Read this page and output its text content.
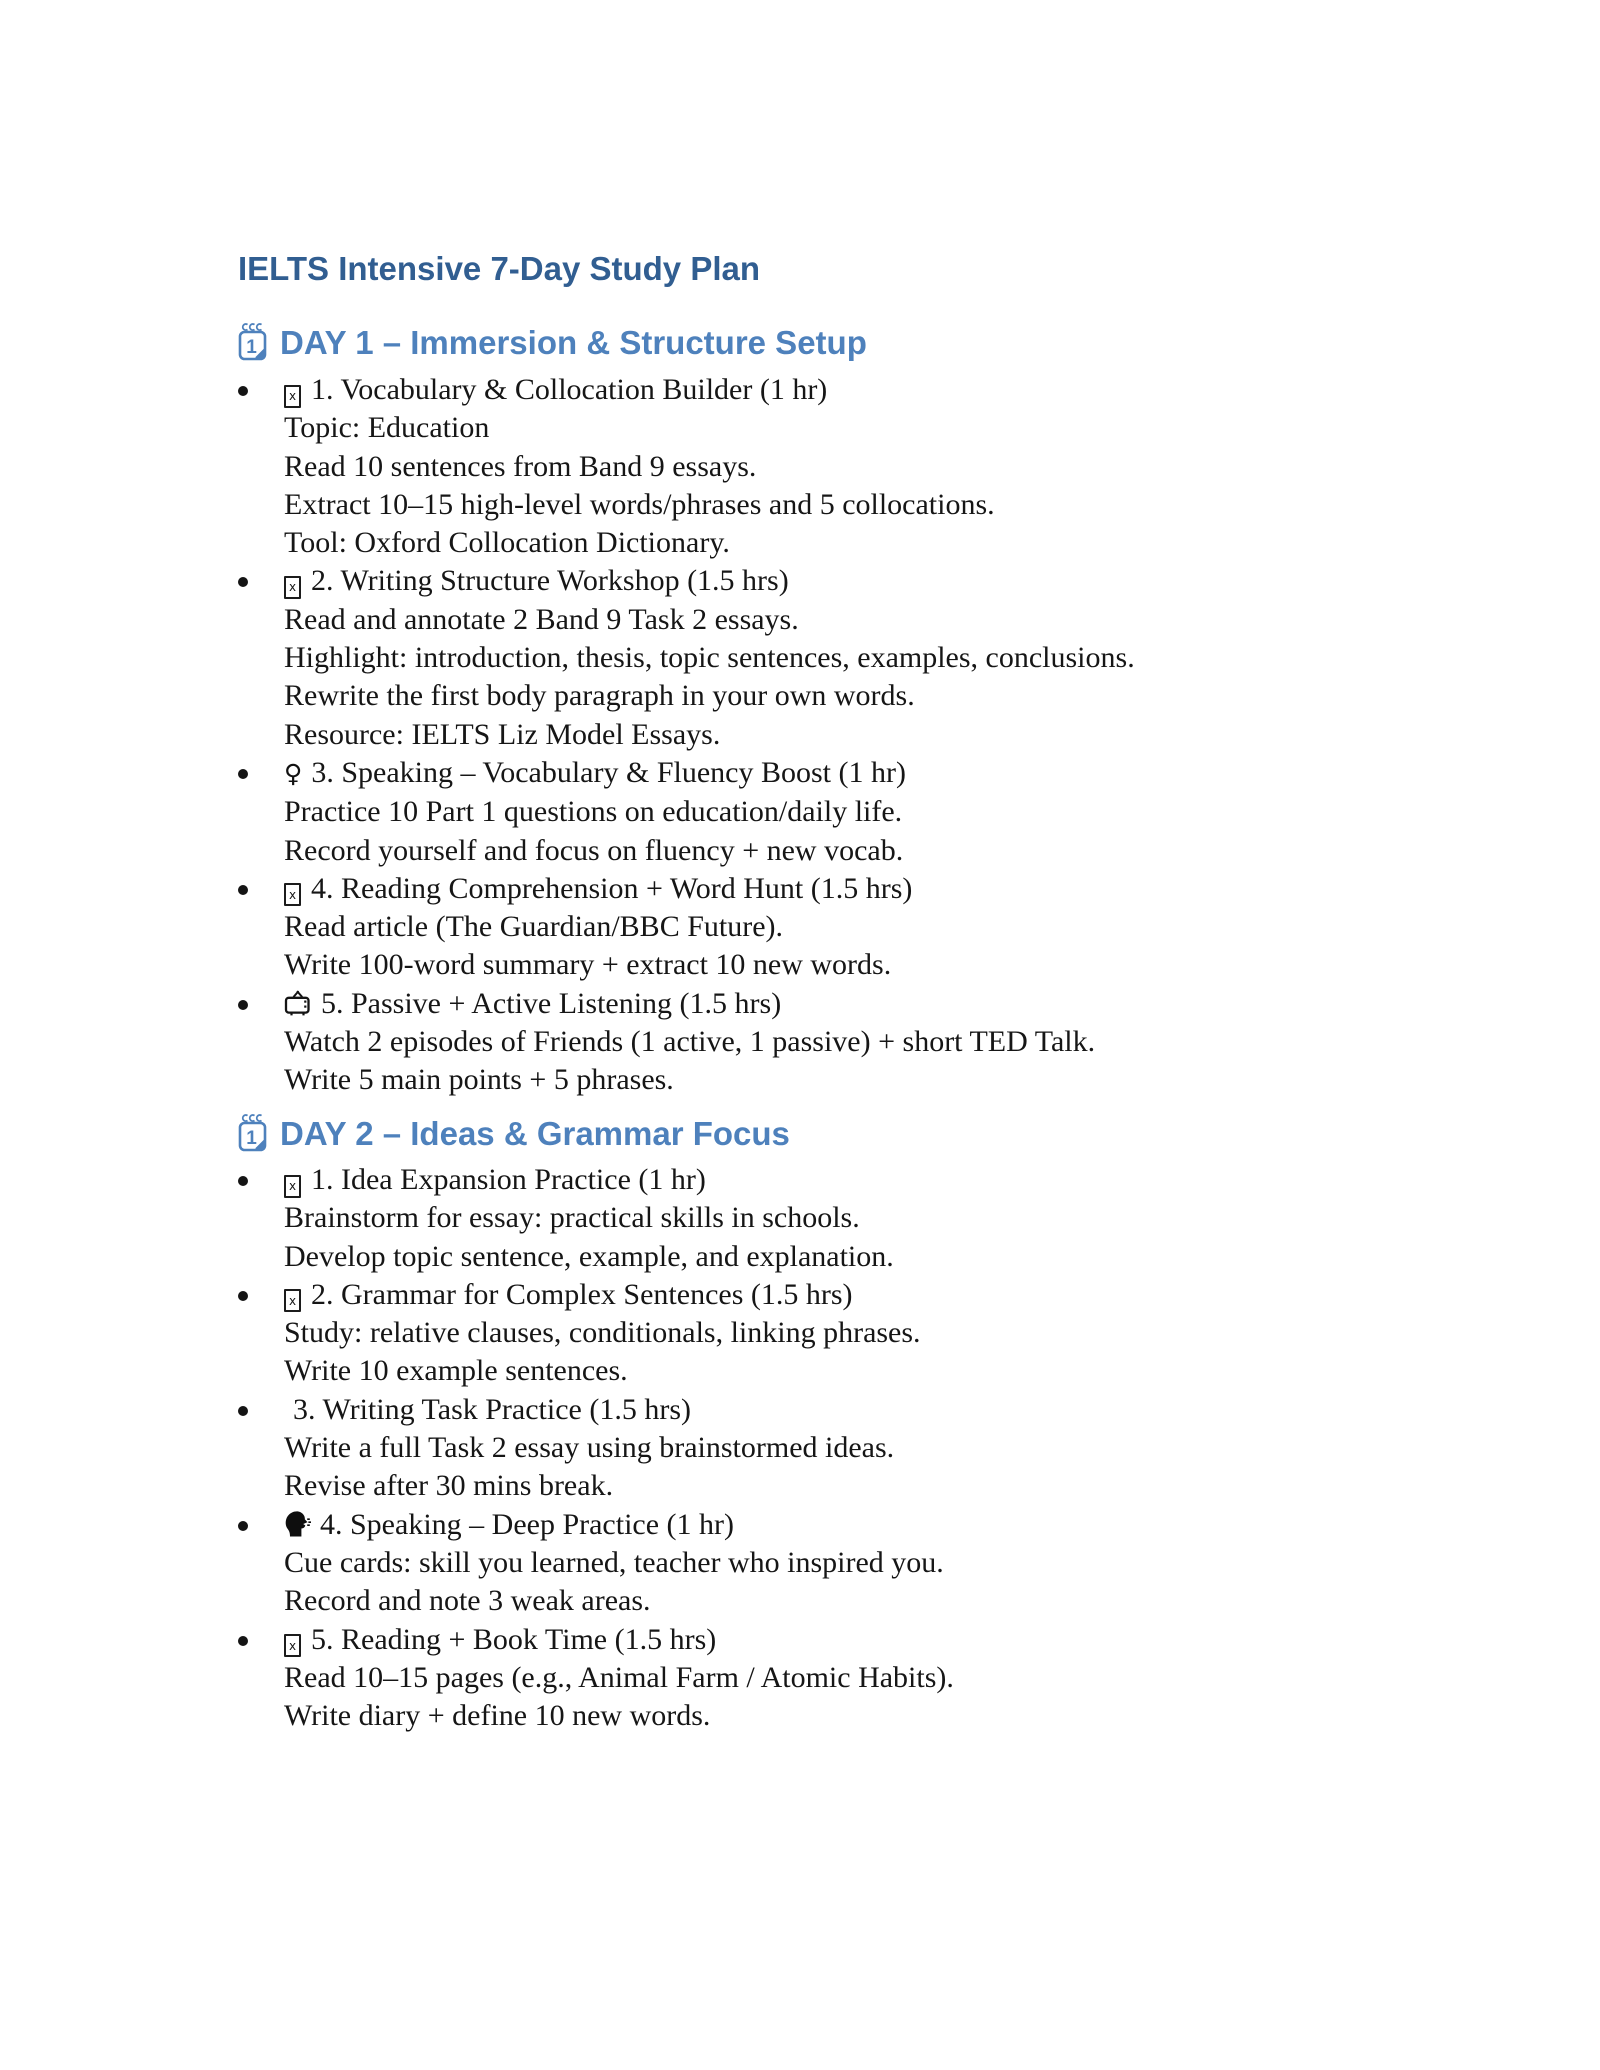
IELTS Intensive 7-Day Study Plan
DAY 1 – Immersion & Structure Setup
x 1. Vocabulary & Collocation Builder (1 hr)
Topic: Education
Read 10 sentences from Band 9 essays.
Extract 10–15 high-level words/phrases and 5 collocations.
Tool: Oxford Collocation Dictionary.
x 2. Writing Structure Workshop (1.5 hrs)
Read and annotate 2 Band 9 Task 2 essays.
Highlight: introduction, thesis, topic sentences, examples, conclusions.
Rewrite the first body paragraph in your own words.
Resource: IELTS Liz Model Essays.
♀ 3. Speaking – Vocabulary & Fluency Boost (1 hr)
Practice 10 Part 1 questions on education/daily life.
Record yourself and focus on fluency + new vocab.
x 4. Reading Comprehension + Word Hunt (1.5 hrs)
Read article (The Guardian/BBC Future).
Write 100-word summary + extract 10 new words.
5. Passive + Active Listening (1.5 hrs)
Watch 2 episodes of Friends (1 active, 1 passive) + short TED Talk.
Write 5 main points + 5 phrases.
DAY 2 – Ideas & Grammar Focus
x 1. Idea Expansion Practice (1 hr)
Brainstorm for essay: practical skills in schools.
Develop topic sentence, example, and explanation.
x 2. Grammar for Complex Sentences (1.5 hrs)
Study: relative clauses, conditionals, linking phrases.
Write 10 example sentences.
3. Writing Task Practice (1.5 hrs)
Write a full Task 2 essay using brainstormed ideas.
Revise after 30 mins break.
4. Speaking – Deep Practice (1 hr)
Cue cards: skill you learned, teacher who inspired you.
Record and note 3 weak areas.
x 5. Reading + Book Time (1.5 hrs)
Read 10–15 pages (e.g., Animal Farm / Atomic Habits).
Write diary + define 10 new words.
